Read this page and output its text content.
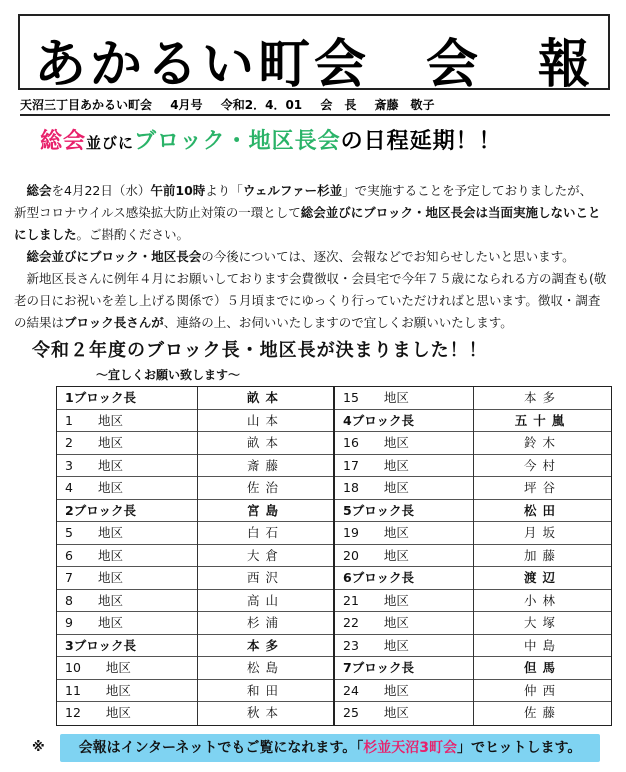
あかるい町会　会　報
天沼三丁目あかるい町会 4月号 令和2．4．01 会　長 斎藤　敬子
総会並びにブロック・地区長会の日程延期！！

　総会を4月22日（水）午前10時より「ウェルファー杉並」で実施することを予定しておりましたが、

新型コロナウイルス感染拡大防止対策の一環として総会並びにブロック・地区長会は当面実施しないことにしました。ご斟酌ください。

　総会並びにブロック・地区長会の今後については、逐次、会報などでお知らせしたいと思います。

　新地区長さんに例年４月にお願いしております会費徴収・会員宅で今年７５歳になられる方の調査も(敬老の日にお祝いを差し上げる関係で）５月頃までにゆっくり行っていただければと思います。徴収・調査の結果はブロック長さんが、連絡の上、お伺いいたしますので宜しくお願いいたします。

令和２年度のブロック長・地区長が決まりました！！
～宜しくお願い致します～
1ブロック長
1　　地区
2　　地区
3　　地区
4　　地区
2ブロック長
5　　地区
6　　地区
7　　地区
8　　地区
9　　地区
3ブロック長
10　　地区
11　　地区
12　　地区
畝本
山本
畝本
斎藤
佐治
宮島
白石
大倉
西沢
高山
杉浦
本多
松島
和田
秋本
15　　地区
4ブロック長
16　　地区
17　　地区
18　　地区
5ブロック長
19　　地区
20　　地区
6ブロック長
21　　地区
22　　地区
23　　地区
7ブロック長
24　　地区
25　　地区
本多
五十嵐
鈴木
今村
坪谷
松田
月坂
加藤
渡辺
小林
大塚
中島
但馬
仲西
佐藤
※	会報はインターネットでもご覧になれます。「杉並天沼3町会」でヒットします。
